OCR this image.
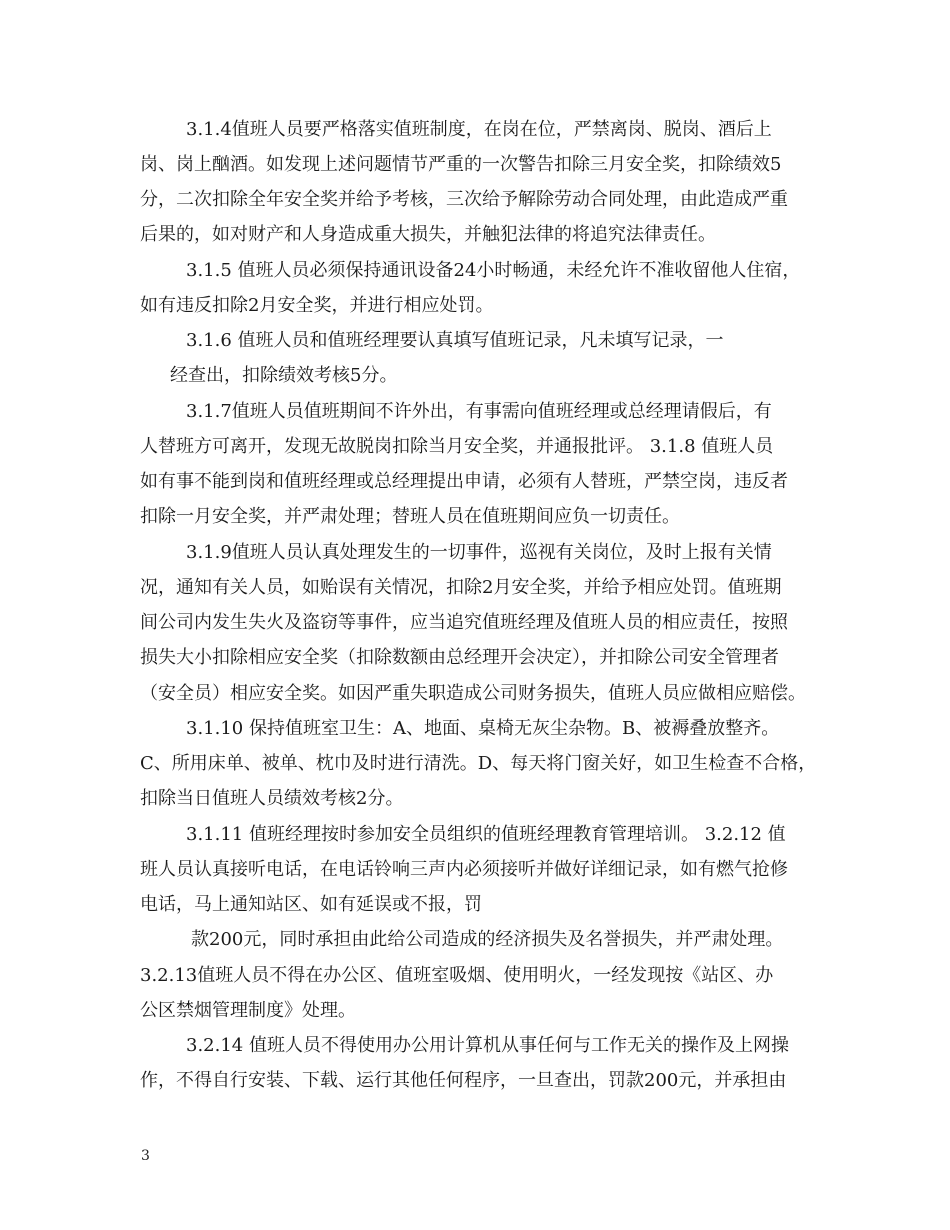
3.1.4值班人员要严格落实值班制度，在岗在位，严禁离岗、脱岗、酒后上
岗、岗上酗酒。如发现上述问题情节严重的一次警告扣除三月安全奖，扣除绩效5
分，二次扣除全年安全奖并给予考核，三次给予解除劳动合同处理，由此造成严重
后果的，如对财产和人身造成重大损失，并触犯法律的将追究法律责任。
3.1.5 值班人员必须保持通讯设备24小时畅通，未经允许不准收留他人住宿，
如有违反扣除2月安全奖，并进行相应处罚。
3.1.6 值班人员和值班经理要认真填写值班记录，凡未填写记录，一
经查出，扣除绩效考核5分。
3.1.7值班人员值班期间不许外出，有事需向值班经理或总经理请假后，有
人替班方可离开，发现无故脱岗扣除当月安全奖，并通报批评。 3.1.8 值班人员
如有事不能到岗和值班经理或总经理提出申请，必须有人替班，严禁空岗，违反者
扣除一月安全奖，并严肃处理；替班人员在值班期间应负一切责任。
3.1.9值班人员认真处理发生的一切事件，巡视有关岗位，及时上报有关情
况，通知有关人员，如贻误有关情况，扣除2月安全奖，并给予相应处罚。值班期
间公司内发生失火及盗窃等事件，应当追究值班经理及值班人员的相应责任，按照
损失大小扣除相应安全奖（扣除数额由总经理开会决定），并扣除公司安全管理者
（安全员）相应安全奖。如因严重失职造成公司财务损失，值班人员应做相应赔偿。
3.1.10 保持值班室卫生：A、地面、桌椅无灰尘杂物。B、被褥叠放整齐。
C、所用床单、被单、枕巾及时进行清洗。D、每天将门窗关好，如卫生检查不合格，
扣除当日值班人员绩效考核2分。
3.1.11 值班经理按时参加安全员组织的值班经理教育管理培训。 3.2.12 值
班人员认真接听电话，在电话铃响三声内必须接听并做好详细记录，如有燃气抢修
电话，马上通知站区、如有延误或不报，罚
款200元，同时承担由此给公司造成的经济损失及名誉损失，并严肃处理。
3.2.13值班人员不得在办公区、值班室吸烟、使用明火，一经发现按《站区、办
公区禁烟管理制度》处理。
3.2.14 值班人员不得使用办公用计算机从事任何与工作无关的操作及上网操
作，不得自行安装、下载、运行其他任何程序，一旦查出，罚款200元，并承担由
3
